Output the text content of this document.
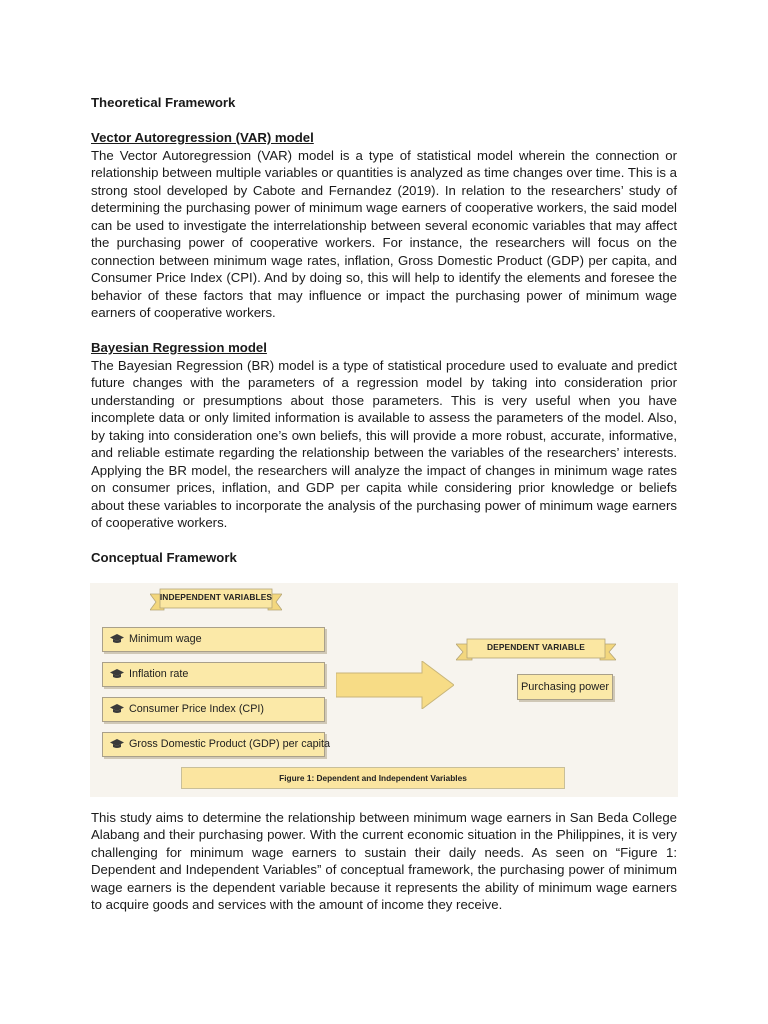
Theoretical Framework
Vector Autoregression (VAR) model

The Vector Autoregression (VAR) model is a type of statistical model wherein the connection or relationship between multiple variables or quantities is analyzed as time changes over time. This is a strong stool developed by Cabote and Fernandez (2019). In relation to the researchers’ study of determining the purchasing power of minimum wage earners of cooperative workers, the said model can be used to investigate the interrelationship between several economic variables that may affect the purchasing power of cooperative workers. For instance, the researchers will focus on the connection between minimum wage rates, inflation, Gross Domestic Product (GDP) per capita, and Consumer Price Index (CPI). And by doing so, this will help to identify the elements and foresee the behavior of these factors that may influence or impact the purchasing power of minimum wage earners of cooperative workers.

Bayesian Regression model

The Bayesian Regression (BR) model is a type of statistical procedure used to evaluate and predict future changes with the parameters of a regression model by taking into consideration prior understanding or presumptions about those parameters. This is very useful when you have incomplete data or only limited information is available to assess the parameters of the model. Also, by taking into consideration one’s own beliefs, this will provide a more robust, accurate, informative, and reliable estimate regarding the relationship between the variables of the researchers’ interests. Applying the BR model, the researchers will analyze the impact of changes in minimum wage rates on consumer prices, inflation, and GDP per capita while considering prior knowledge or beliefs about these variables to incorporate the analysis of the purchasing power of minimum wage earners of cooperative workers.

Conceptual Framework
INDEPENDENT VARIABLES
Minimum wage
Inflation rate
Consumer Price Index (CPI)
Gross Domestic Product (GDP) per capita
DEPENDENT VARIABLE
Purchasing power
Figure 1: Dependent and Independent Variables

This study aims to determine the relationship between minimum wage earners in San Beda College Alabang and their purchasing power. With the current economic situation in the Philippines, it is very challenging for minimum wage earners to sustain their daily needs. As seen on “Figure 1: Dependent and Independent Variables” of conceptual framework, the purchasing power of minimum wage earners is the dependent variable because it represents the ability of minimum wage earners to acquire goods and services with the amount of income they receive.
